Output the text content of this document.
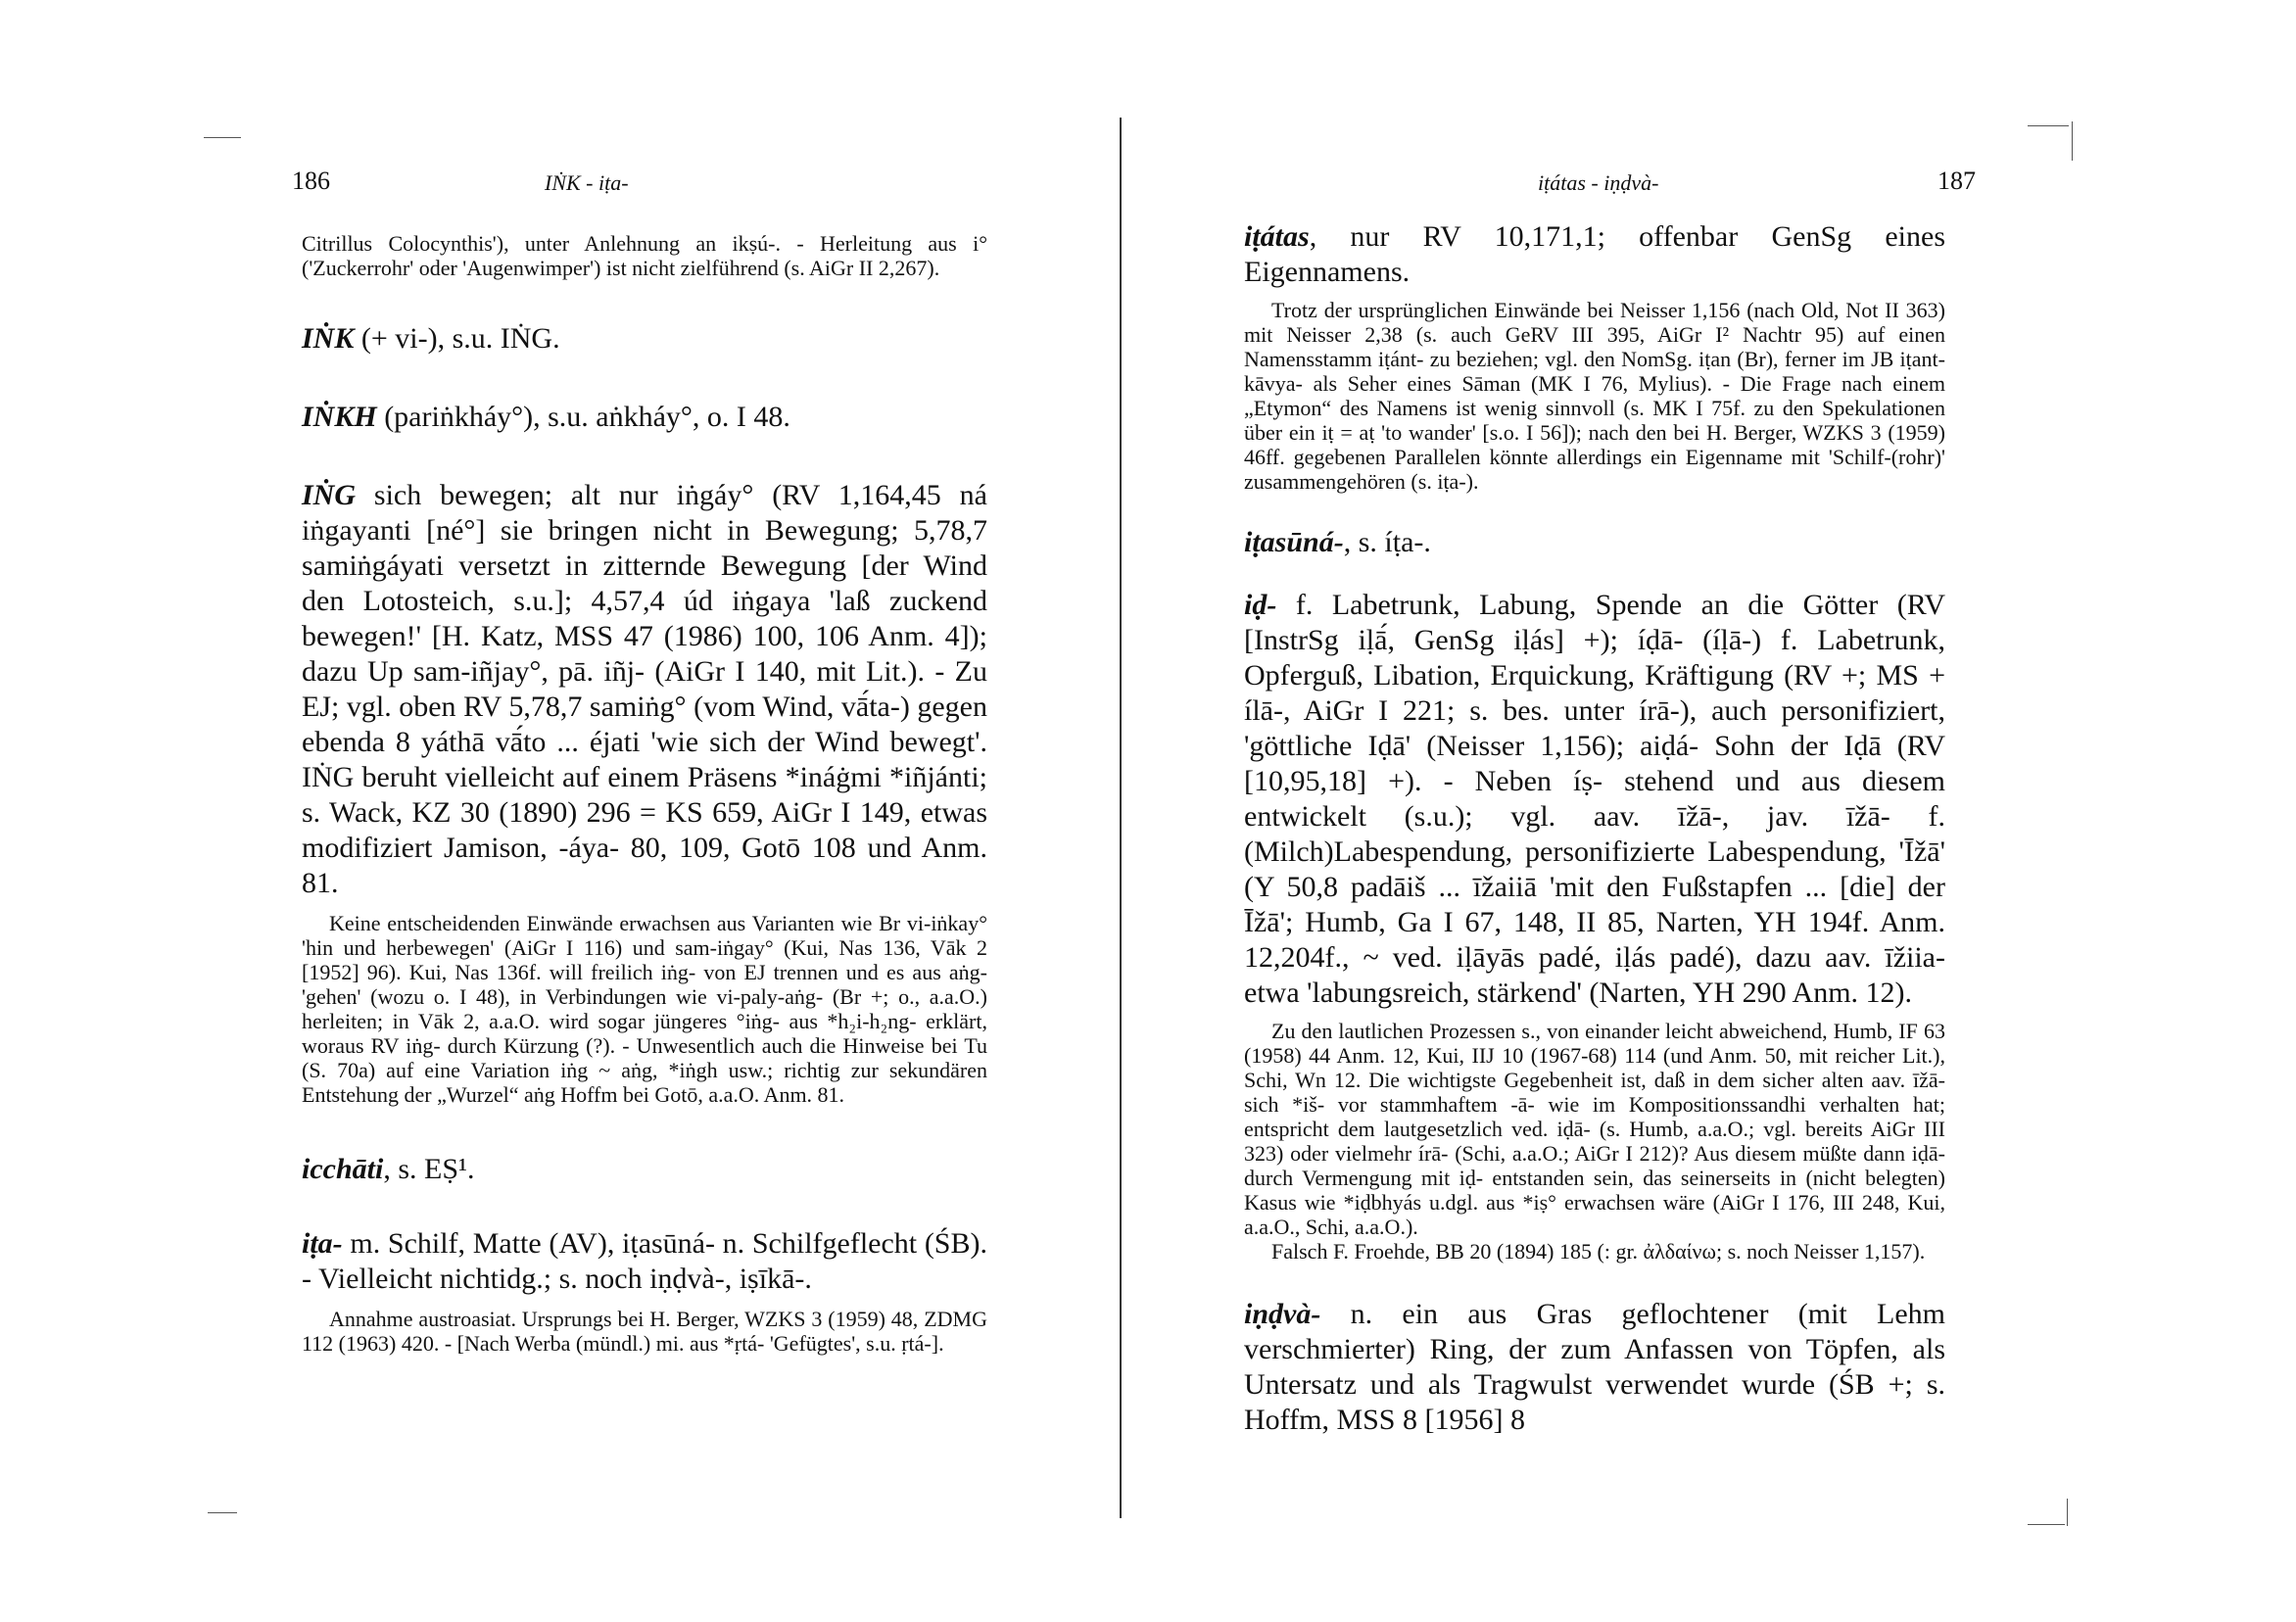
186	IṄK - iṭa-

Citrillus Colocynthis'), unter Anlehnung an ikṣú-. - Herleitung aus i° ('Zuckerrohr' oder 'Augenwimper') ist nicht zielführend (s. AiGr II 2,267).

IṄK (+ vi-), s.u. IṄG.

IṄKH (pariṅkháy°), s.u. aṅkháy°, o. I 48.

IṄG sich bewegen; alt nur iṅgáy° (RV 1,164,45 ná iṅgayanti [né°] sie bringen nicht in Bewegung; 5,78,7 samiṅgáyati versetzt in zitternde Bewegung [der Wind den Lotosteich, s.u.]; 4,57,4 úd iṅgaya 'laß zuckend bewegen!' [H. Katz, MSS 47 (1986) 100, 106 Anm. 4]); dazu Up sam-iñjay°, pā. iñj- (AiGr I 140, mit Lit.). - Zu EJ; vgl. oben RV 5,78,7 samiṅg° (vom Wind, vā́ta-) gegen ebenda 8 yáthā vā́to ... éjati 'wie sich der Wind bewegt'. IṄG beruht vielleicht auf einem Präsens *ináġmi *iñjánti; s. Wack, KZ 30 (1890) 296 = KS 659, AiGr I 149, etwas modifiziert Jamison, -áya- 80, 109, Gotō 108 und Anm. 81.

Keine entscheidenden Einwände erwachsen aus Varianten wie Br vi-iṅkay° 'hin und herbewegen' (AiGr I 116) und sam-iṅgay° (Kui, Nas 136, Vāk 2 [1952] 96). Kui, Nas 136f. will freilich iṅg- von EJ trennen und es aus aṅg- 'gehen' (wozu o. I 48), in Verbindungen wie vi-paly-aṅg- (Br +; o., a.a.O.) herleiten; in Vāk 2, a.a.O. wird sogar jüngeres °iṅg- aus *h₂i-h₂ng- erklärt, woraus RV iṅg- durch Kürzung (?). - Unwesentlich auch die Hinweise bei Tu (S. 70a) auf eine Variation iṅg ~ aṅg, *iṅgh usw.; richtig zur sekundären Entstehung der „Wurzel“ aṅg Hoffm bei Gotō, a.a.O. Anm. 81.

icchāti, s. EṢ¹.

iṭa- m. Schilf, Matte (AV), iṭasūná- n. Schilfgeflecht (ŚB). - Vielleicht nichtidg.; s. noch iṇḍvà-, iṣīkā-.

Annahme austroasiat. Ursprungs bei H. Berger, WZKS 3 (1959) 48, ZDMG 112 (1963) 420. - [Nach Werba (mündl.) mi. aus *ṛtá- 'Gefügtes', s.u. ṛtá-].

iṭátas - iṇḍvà-	187

iṭátas, nur RV 10,171,1; offenbar GenSg eines Eigennamens.

Trotz der ursprünglichen Einwände bei Neisser 1,156 (nach Old, Not II 363) mit Neisser 2,38 (s. auch GeRV III 395, AiGr I² Nachtr 95) auf einen Namensstamm iṭánt- zu beziehen; vgl. den NomSg. iṭan (Br), ferner im JB iṭant- kāvya- als Seher eines Sāman (MK I 76, Mylius). - Die Frage nach einem „Etymon“ des Namens ist wenig sinnvoll (s. MK I 75f. zu den Spekulationen über ein iṭ = aṭ 'to wander' [s.o. I 56]); nach den bei H. Berger, WZKS 3 (1959) 46ff. gegebenen Parallelen könnte allerdings ein Eigenname mit 'Schilf-(rohr)' zusammengehören (s. iṭa-).

iṭasūná-, s. íṭa-.

iḍ- f. Labetrunk, Labung, Spende an die Götter (RV [InstrSg iḷā́, GenSg iḷás] +); íḍā- (íḷā-) f. Labetrunk, Opferguß, Libation, Erquickung, Kräftigung (RV +; MS + ílā-, AiGr I 221; s. bes. unter írā-), auch personifiziert, 'göttliche Iḍā' (Neisser 1,156); aiḍá- Sohn der Iḍā (RV [10,95,18] +). - Neben íṣ- stehend und aus diesem entwickelt (s.u.); vgl. aav. īžā-, jav. īžā- f. (Milch)Labespendung, personifizierte Labespendung, 'Īžā' (Y 50,8 padāiš ... īžaiiā 'mit den Fußstapfen ... [die] der Īžā'; Humb, Ga I 67, 148, II 85, Narten, YH 194f. Anm. 12,204f., ~ ved. iḷāyās padé, iḷás padé), dazu aav. īžiia- etwa 'labungsreich, stärkend' (Narten, YH 290 Anm. 12).

Zu den lautlichen Prozessen s., von einander leicht abweichend, Humb, IF 63 (1958) 44 Anm. 12, Kui, IIJ 10 (1967-68) 114 (und Anm. 50, mit reicher Lit.), Schi, Wn 12. Die wichtigste Gegebenheit ist, daß in dem sicher alten aav. īžā- sich *iš- vor stammhaftem -ā- wie im Kompositionssandhi verhalten hat; entspricht dem lautgesetzlich ved. iḍā- (s. Humb, a.a.O.; vgl. bereits AiGr III 323) oder vielmehr írā- (Schi, a.a.O.; AiGr I 212)? Aus diesem müßte dann iḍā- durch Vermengung mit iḍ- entstanden sein, das seinerseits in (nicht belegten) Kasus wie *iḍbhyás u.dgl. aus *iṣ° erwachsen wäre (AiGr I 176, III 248, Kui, a.a.O., Schi, a.a.O.).

Falsch F. Froehde, BB 20 (1894) 185 (: gr. ἀλδαίνω; s. noch Neisser 1,157).

iṇḍvà- n. ein aus Gras geflochtener (mit Lehm verschmierter) Ring, der zum Anfassen von Töpfen, als Untersatz und als Tragwulst verwendet wurde (ŚB +; s. Hoffm, MSS 8 [1956] 8
